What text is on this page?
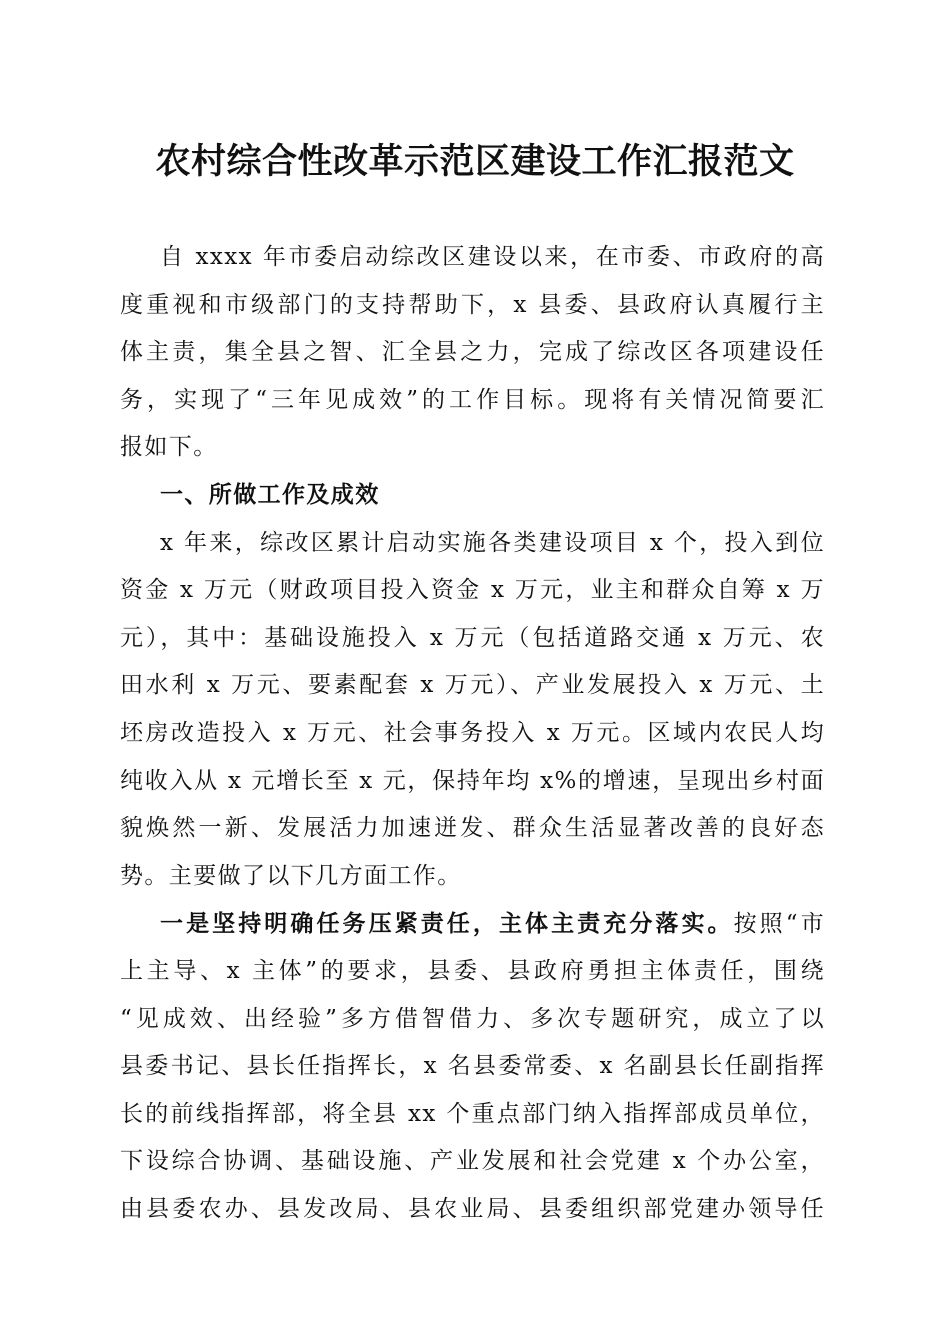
农村综合性改革示范区建设工作汇报范文
自 xxxx 年市委启动综改区建设以来，在市委、市政府的高
度重视和市级部门的支持帮助下，x 县委、县政府认真履行主
体主责，集全县之智、汇全县之力，完成了综改区各项建设任
务，实现了“三年见成效”的工作目标。现将有关情况简要汇
报如下。
一、所做工作及成效
x 年来，综改区累计启动实施各类建设项目 x 个，投入到位
资金 x 万元（财政项目投入资金 x 万元，业主和群众自筹 x 万
元），其中：基础设施投入 x 万元（包括道路交通 x 万元、农
田水利 x 万元、要素配套 x 万元）、产业发展投入 x 万元、土
坯房改造投入 x 万元、社会事务投入 x 万元。区域内农民人均
纯收入从 x 元增长至 x 元，保持年均 x%的增速，呈现出乡村面
貌焕然一新、发展活力加速迸发、群众生活显著改善的良好态
势。主要做了以下几方面工作。
一是坚持明确任务压紧责任，主体主责充分落实。按照“市
上主导、x 主体”的要求，县委、县政府勇担主体责任，围绕
“见成效、出经验”多方借智借力、多次专题研究，成立了以
县委书记、县长任指挥长，x 名县委常委、x 名副县长任副指挥
长的前线指挥部，将全县 xx 个重点部门纳入指挥部成员单位，
下设综合协调、基础设施、产业发展和社会党建 x 个办公室，
由县委农办、县发改局、县农业局、县委组织部党建办领导任
